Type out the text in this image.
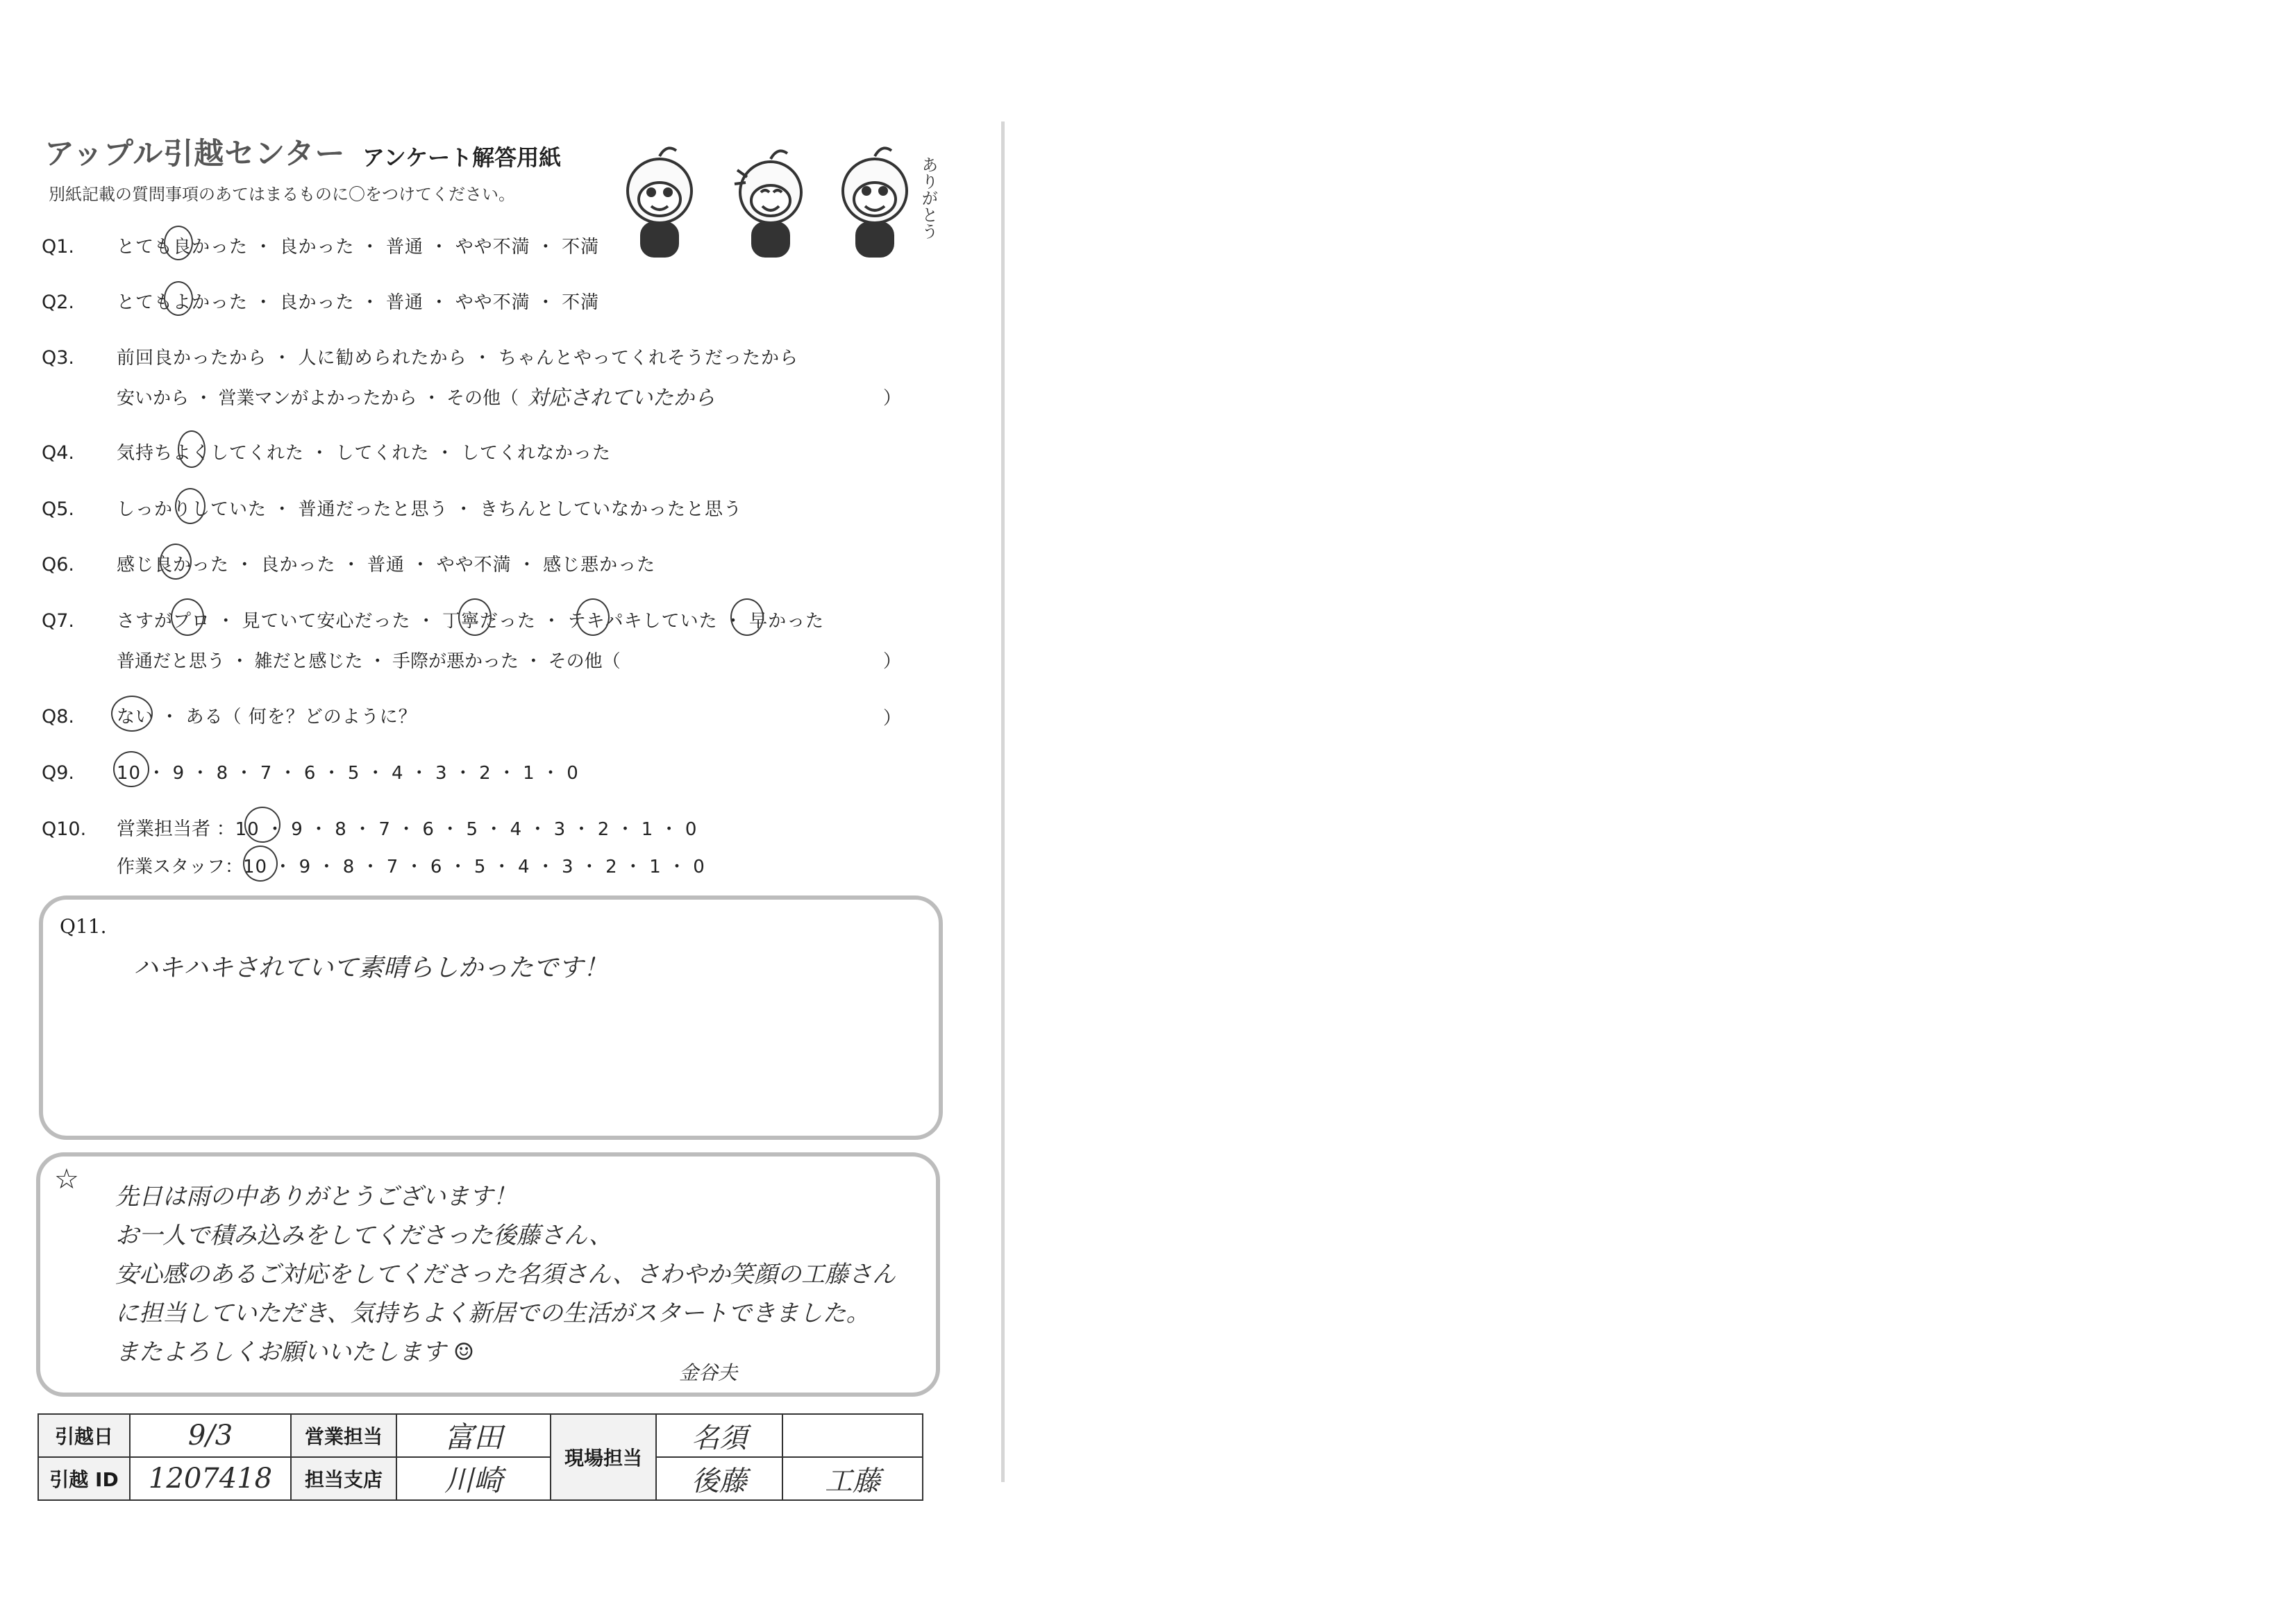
アップル引越センター アンケート解答用紙
別紙記載の質問事項のあてはまるものに〇をつけてください。	ありがとう
Q1. とても良かった ・ 良かった ・ 普通 ・ やや不満 ・ 不満
Q2. とてもよかった ・ 良かった ・ 普通 ・ やや不満 ・ 不満
Q3. 前回良かったから ・ 人に勧められたから ・ ちゃんとやってくれそうだったから
安いから ・ 営業マンがよかったから ・ その他（ 対応されていたから	）
Q4. 気持ちよくしてくれた ・ してくれた ・ してくれなかった
Q5. しっかりしていた ・ 普通だったと思う ・ きちんとしていなかったと思う
Q6. 感じ良かった ・ 良かった ・ 普通 ・ やや不満 ・ 感じ悪かった
Q7. さすがプロ ・ 見ていて安心だった ・ 丁寧だった ・ テキパキしていた ・ 早かった
普通だと思う ・ 雑だと感じた ・ 手際が悪かった ・ その他（	）
Q8. ない ・ ある（ 何を？どのように？	）
Q9. 10 ・ 9 ・ 8 ・ 7 ・ 6 ・ 5 ・ 4 ・ 3 ・ 2 ・ 1 ・ 0
Q10. 営業担当者 ：10 ・ 9 ・ 8 ・ 7 ・ 6 ・ 5 ・ 4 ・ 3 ・ 2 ・ 1 ・ 0
作業スタッフ：10 ・ 9 ・ 8 ・ 7 ・ 6 ・ 5 ・ 4 ・ 3 ・ 2 ・ 1 ・ 0
Q11.
ハキハキされていて素晴らしかったです！
☆
先日は雨の中ありがとうございます！
お一人で積み込みをしてくださった後藤さん、
安心感のあるご対応をしてくださった名須さん、さわやか笑顔の工藤さん
に担当していただき、気持ちよく新居での生活がスタートできました。
またよろしくお願いいたします ☺
金谷夫
引越日	9/3	営業担当	富田	現場担当	名須	
引越 ID	1207418	担当支店	川崎		後藤	工藤
